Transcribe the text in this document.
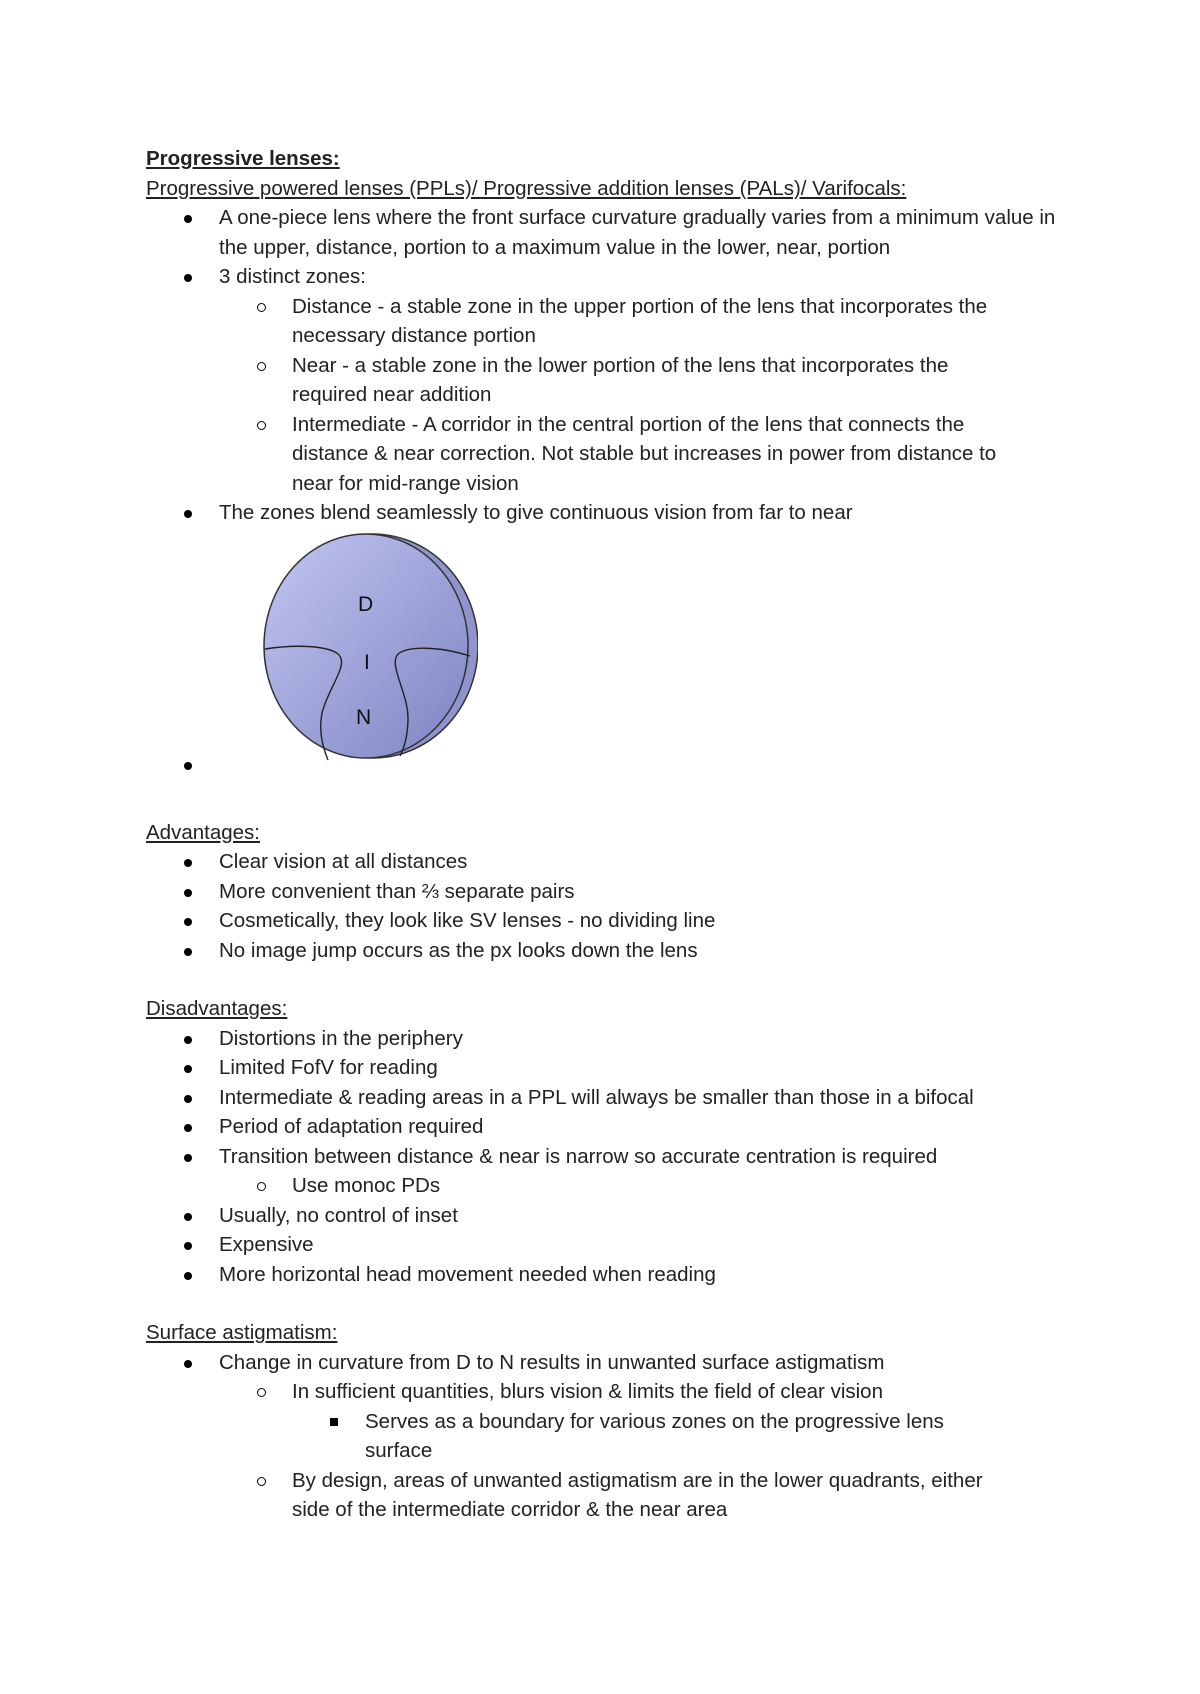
Progressive lenses:
Progressive powered lenses (PPLs)/ Progressive addition lenses (PALs)/ Varifocals:
A one-piece lens where the front surface curvature gradually varies from a minimum value in the upper, distance, portion to a maximum value in the lower, near, portion
3 distinct zones:
Distance - a stable zone in the upper portion of the lens that incorporates the
necessary distance portion
Near - a stable zone in the lower portion of the lens that incorporates the
required near addition
Intermediate - A corridor in the central portion of the lens that connects the
distance & near correction. Not stable but increases in power from distance to
near for mid-range vision
The zones blend seamlessly to give continuous vision from far to near
D
I
N
Advantages:
Clear vision at all distances
More convenient than ⅔ separate pairs
Cosmetically, they look like SV lenses - no dividing line
No image jump occurs as the px looks down the lens
Disadvantages:
Distortions in the periphery
Limited FofV for reading
Intermediate & reading areas in a PPL will always be smaller than those in a bifocal
Period of adaptation required
Transition between distance & near is narrow so accurate centration is required
Use monoc PDs
Usually, no control of inset
Expensive
More horizontal head movement needed when reading
Surface astigmatism:
Change in curvature from D to N results in unwanted surface astigmatism
In sufficient quantities, blurs vision & limits the field of clear vision
Serves as a boundary for various zones on the progressive lens
surface
By design, areas of unwanted astigmatism are in the lower quadrants, either
side of the intermediate corridor & the near area
